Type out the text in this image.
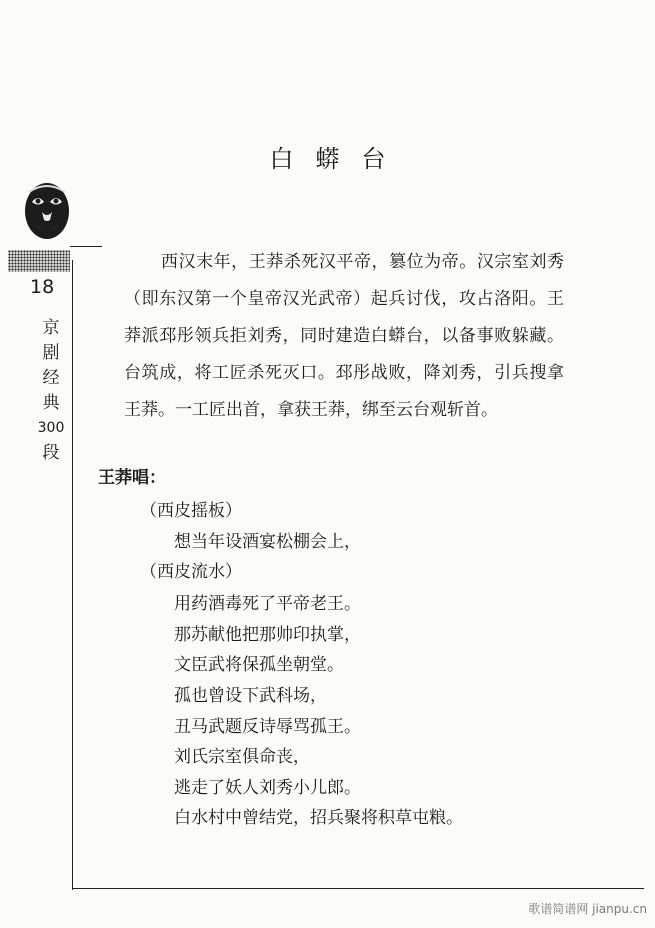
18
京
剧
经
典
300
段
白蟒台
西汉末年，王莽杀死汉平帝，篡位为帝。汉宗室刘秀（即东汉第一个皇帝汉光武帝）起兵讨伐，攻占洛阳。王莽派邳彤领兵拒刘秀，同时建造白蟒台，以备事败躲藏。台筑成，将工匠杀死灭口。邳彤战败，降刘秀，引兵搜拿王莽。一工匠出首，拿获王莽，绑至云台观斩首。
王莽唱：
（西皮摇板）
想当年设酒宴松棚会上，
（西皮流水）
用药酒毒死了平帝老王。
那苏献他把那帅印执掌，
文臣武将保孤坐朝堂。
孤也曾设下武科场，
丑马武题反诗辱骂孤王。
刘氏宗室俱命丧，
逃走了妖人刘秀小儿郎。
白水村中曾结党，招兵聚将积草屯粮。
歌谱简谱网 jianpu.cn
